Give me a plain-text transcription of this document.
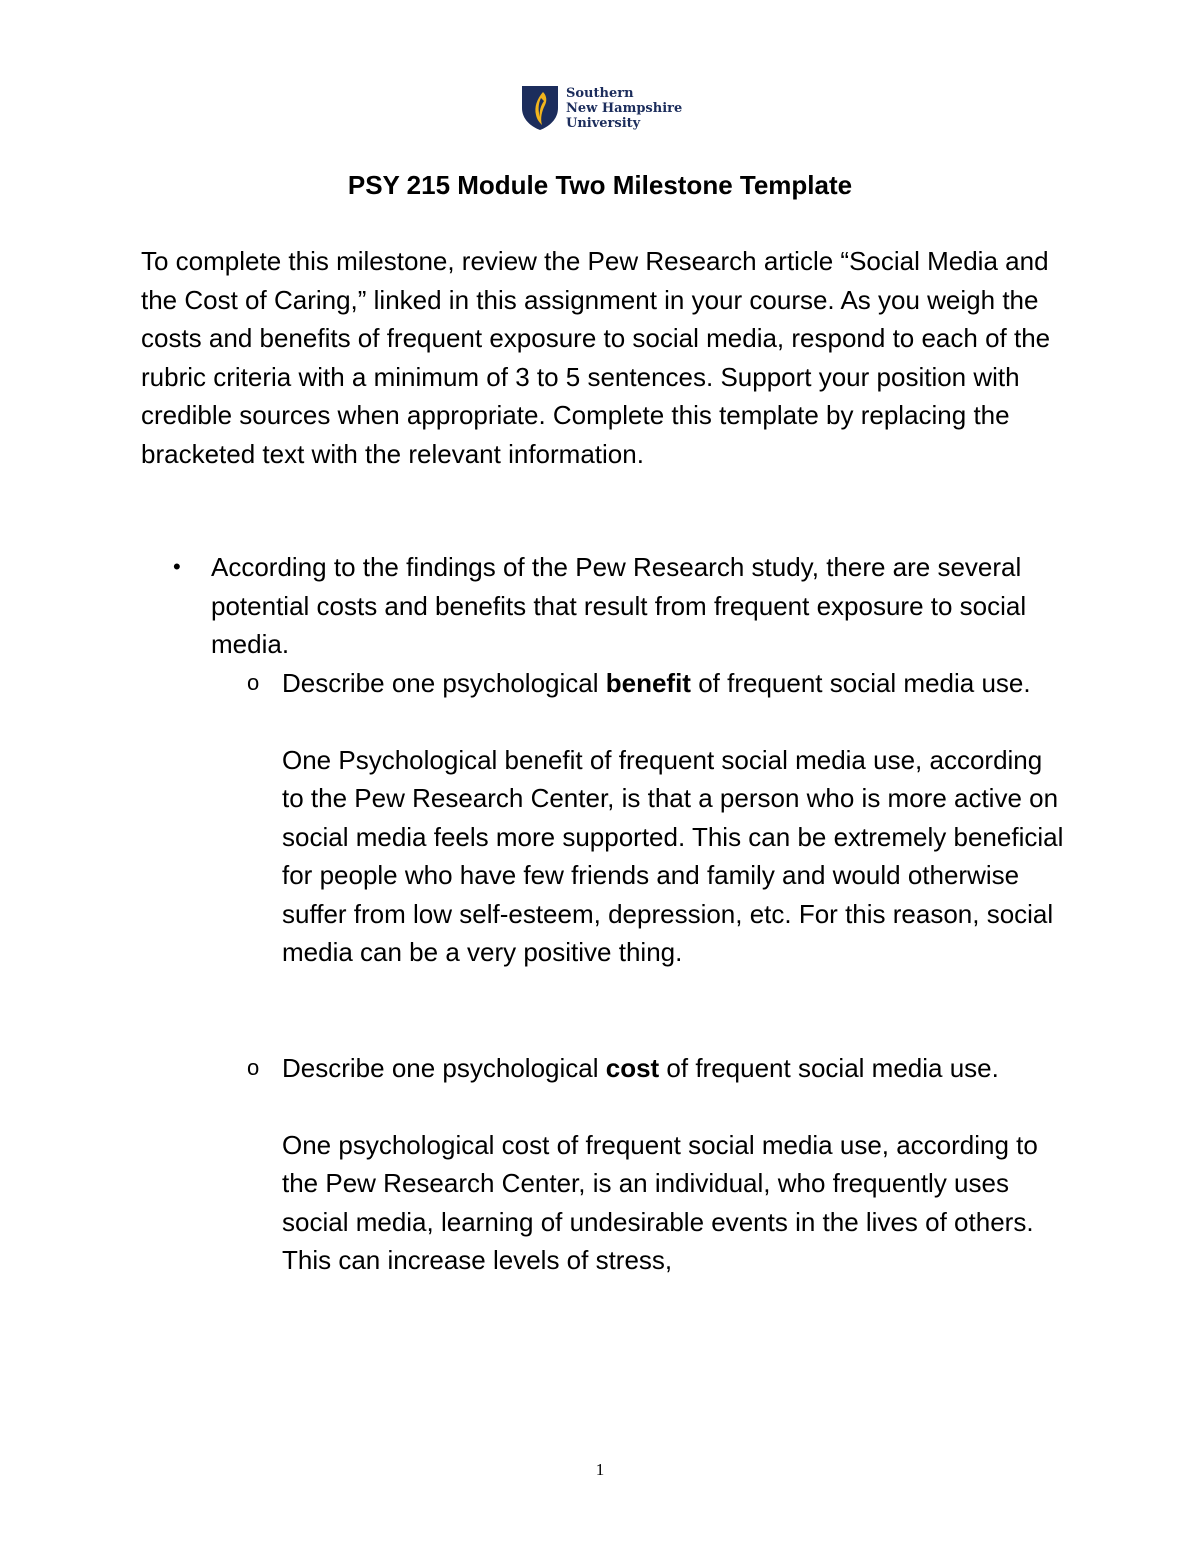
Southern
New Hampshire
University
PSY 215 Module Two Milestone Template

To complete this milestone, review the Pew Research article “Social Media and the Cost of Caring,” linked in this assignment in your course. As you weigh the costs and benefits of frequent exposure to social media, respond to each of the rubric criteria with a minimum of 3 to 5 sentences. Support your position with credible sources when appropriate. Complete this template by replacing the bracketed text with the relevant information.

• According to the findings of the Pew Research study, there are several potential costs and benefits that result from frequent exposure to social media.
o Describe one psychological benefit of frequent social media use.
One Psychological benefit of frequent social media use, according to the Pew Research Center, is that a person who is more active on social media feels more supported. This can be extremely beneficial for people who have few friends and family and would otherwise suffer from low self-esteem, depression, etc. For this reason, social media can be a very positive thing.
o Describe one psychological cost of frequent social media use.
One psychological cost of frequent social media use, according to the Pew Research Center, is an individual, who frequently uses social media, learning of undesirable events in the lives of others. This can increase levels of stress,
1
